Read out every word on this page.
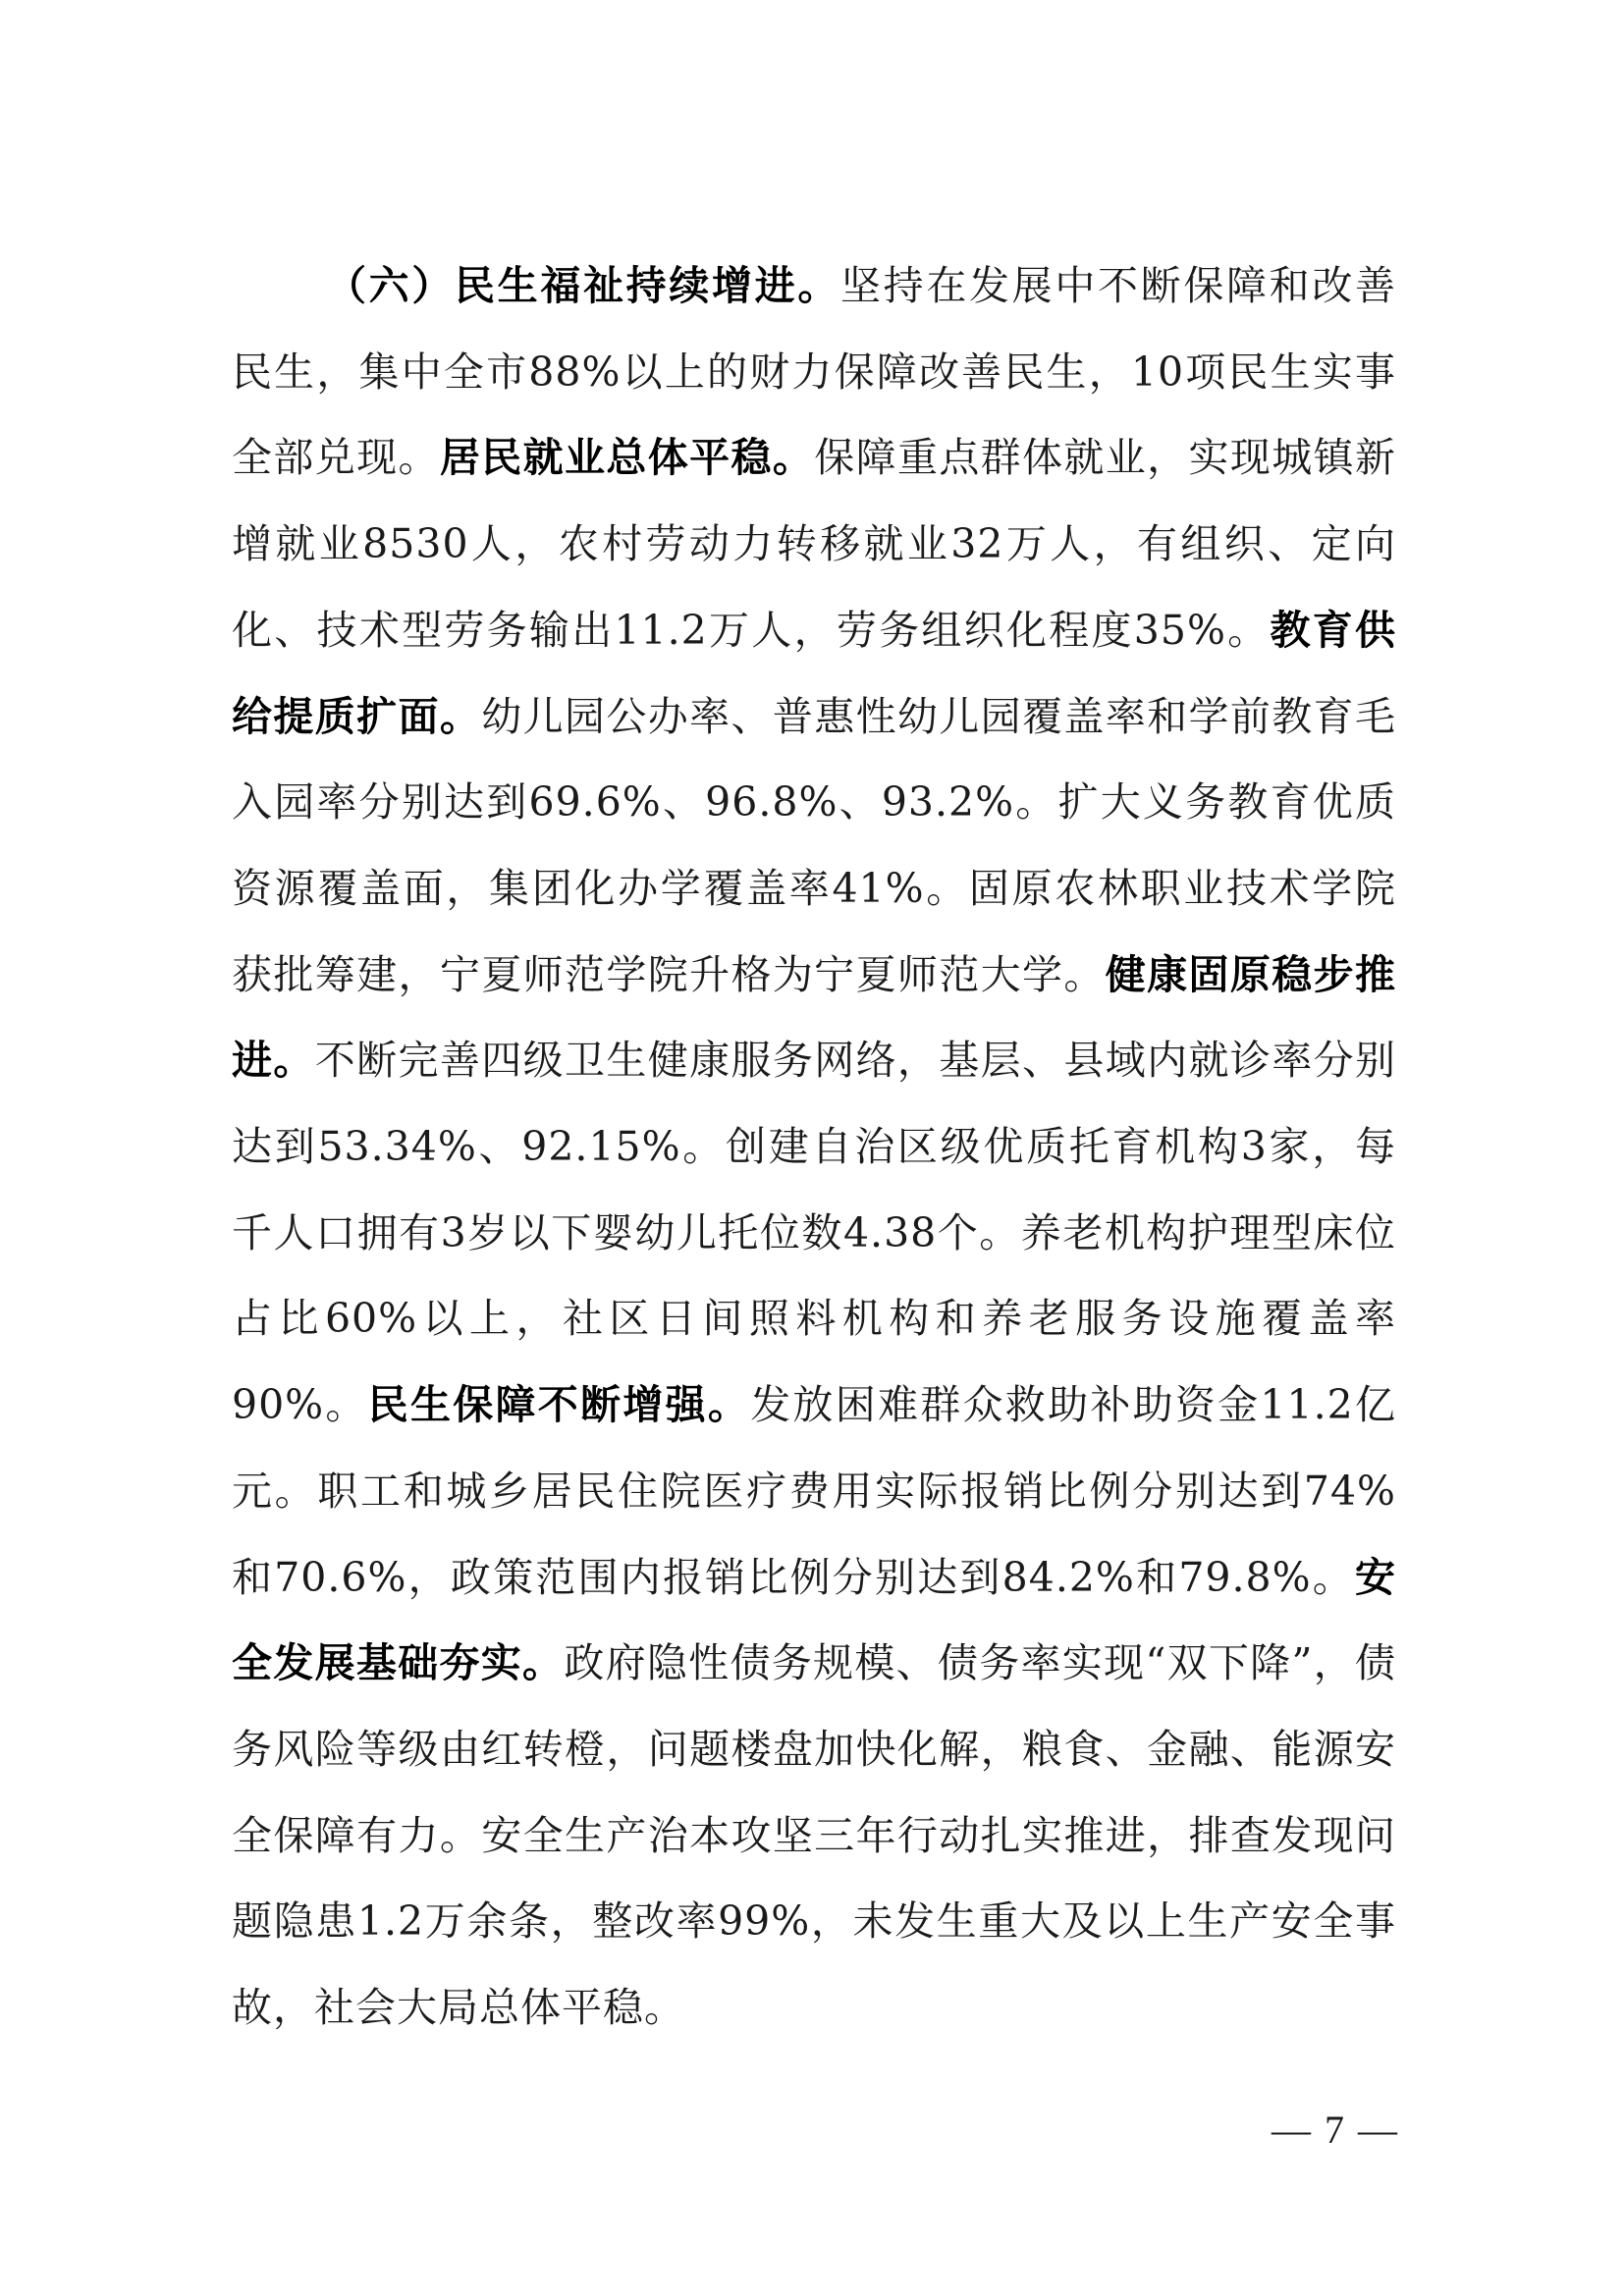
（六）民生福祉持续增进。坚持在发展中不断保障和改善民生，集中全市88%以上的财力保障改善民生，10项民生实事全部兑现。居民就业总体平稳。保障重点群体就业，实现城镇新增就业8530人，农村劳动力转移就业32万人，有组织、定向化、技术型劳务输出11.2万人，劳务组织化程度35%。教育供给提质扩面。幼儿园公办率、普惠性幼儿园覆盖率和学前教育毛入园率分别达到69.6%、96.8%、93.2%。扩大义务教育优质资源覆盖面，集团化办学覆盖率41%。固原农林职业技术学院获批筹建，宁夏师范学院升格为宁夏师范大学。健康固原稳步推进。不断完善四级卫生健康服务网络，基层、县域内就诊率分别达到53.34%、92.15%。创建自治区级优质托育机构3家，每千人口拥有3岁以下婴幼儿托位数4.38个。养老机构护理型床位占比60%以上，社区日间照料机构和养老服务设施覆盖率90%。民生保障不断增强。发放困难群众救助补助资金11.2亿元。职工和城乡居民住院医疗费用实际报销比例分别达到74%和70.6%，政策范围内报销比例分别达到84.2%和79.8%。安全发展基础夯实。政府隐性债务规模、债务率实现“双下降”，债务风险等级由红转橙，问题楼盘加快化解，粮食、金融、能源安全保障有力。安全生产治本攻坚三年行动扎实推进，排查发现问题隐患1.2万余条，整改率99%，未发生重大及以上生产安全事故，社会大局总体平稳。

— 7 —
